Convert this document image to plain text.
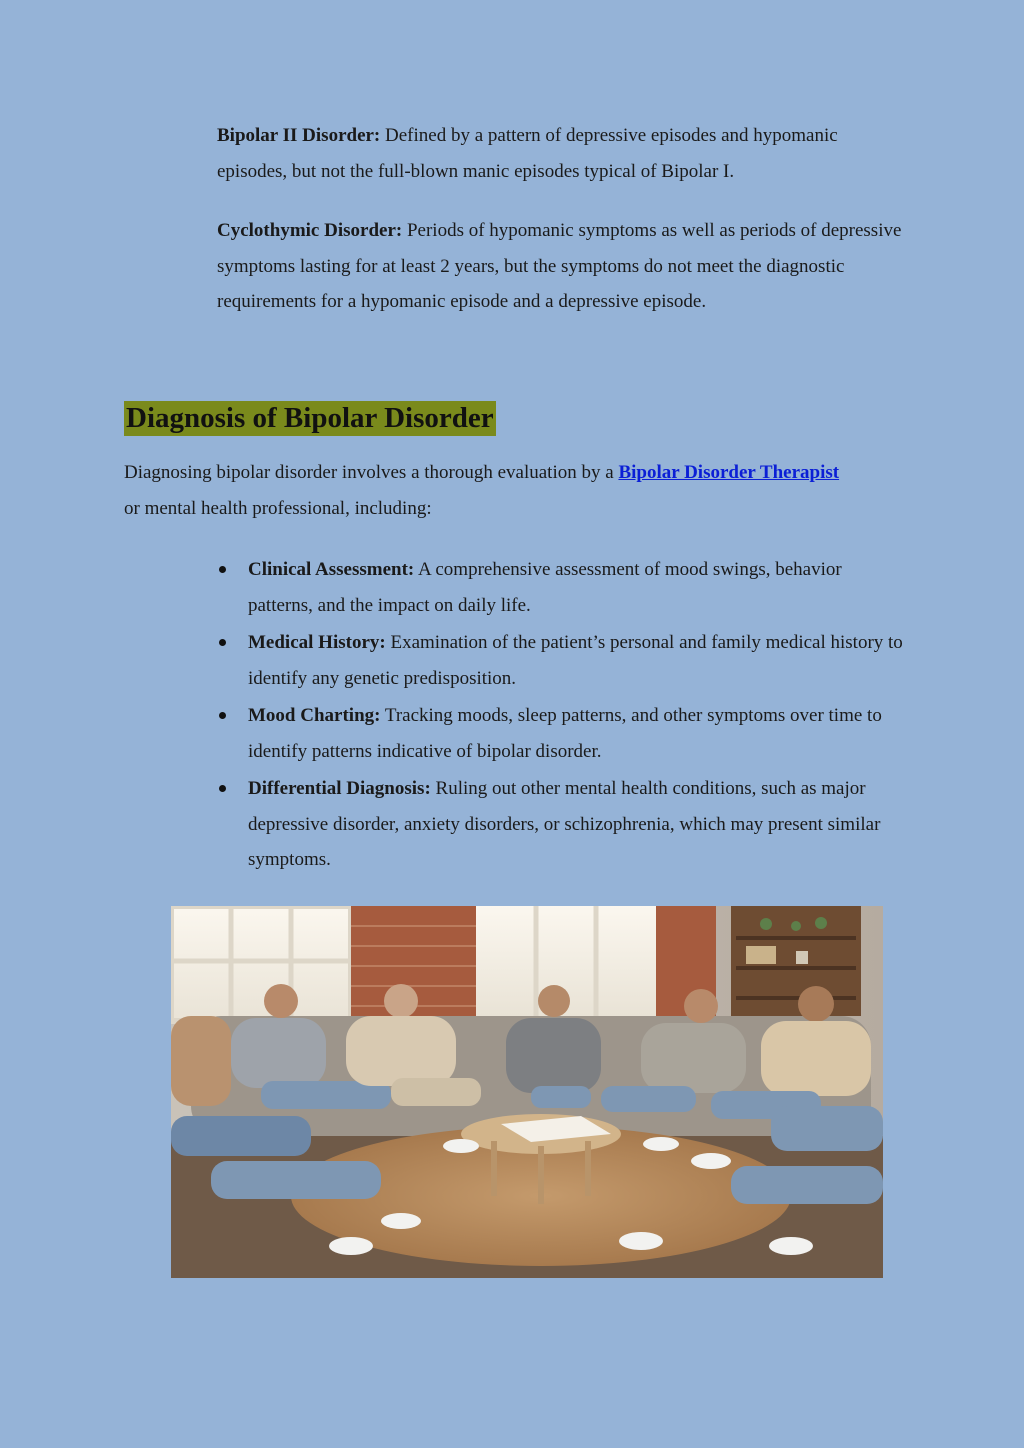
Bipolar II Disorder: Defined by a pattern of depressive episodes and hypomanic episodes, but not the full-blown manic episodes typical of Bipolar I.

Cyclothymic Disorder: Periods of hypomanic symptoms as well as periods of depressive symptoms lasting for at least 2 years, but the symptoms do not meet the diagnostic requirements for a hypomanic episode and a depressive episode.

Diagnosis of Bipolar Disorder

Diagnosing bipolar disorder involves a thorough evaluation by a Bipolar Disorder Therapist or mental health professional, including:

Clinical Assessment: A comprehensive assessment of mood swings, behavior patterns, and the impact on daily life.
Medical History: Examination of the patient’s personal and family medical history to identify any genetic predisposition.
Mood Charting: Tracking moods, sleep patterns, and other symptoms over time to identify patterns indicative of bipolar disorder.
Differential Diagnosis: Ruling out other mental health conditions, such as major depressive disorder, anxiety disorders, or schizophrenia, which may present similar symptoms.
